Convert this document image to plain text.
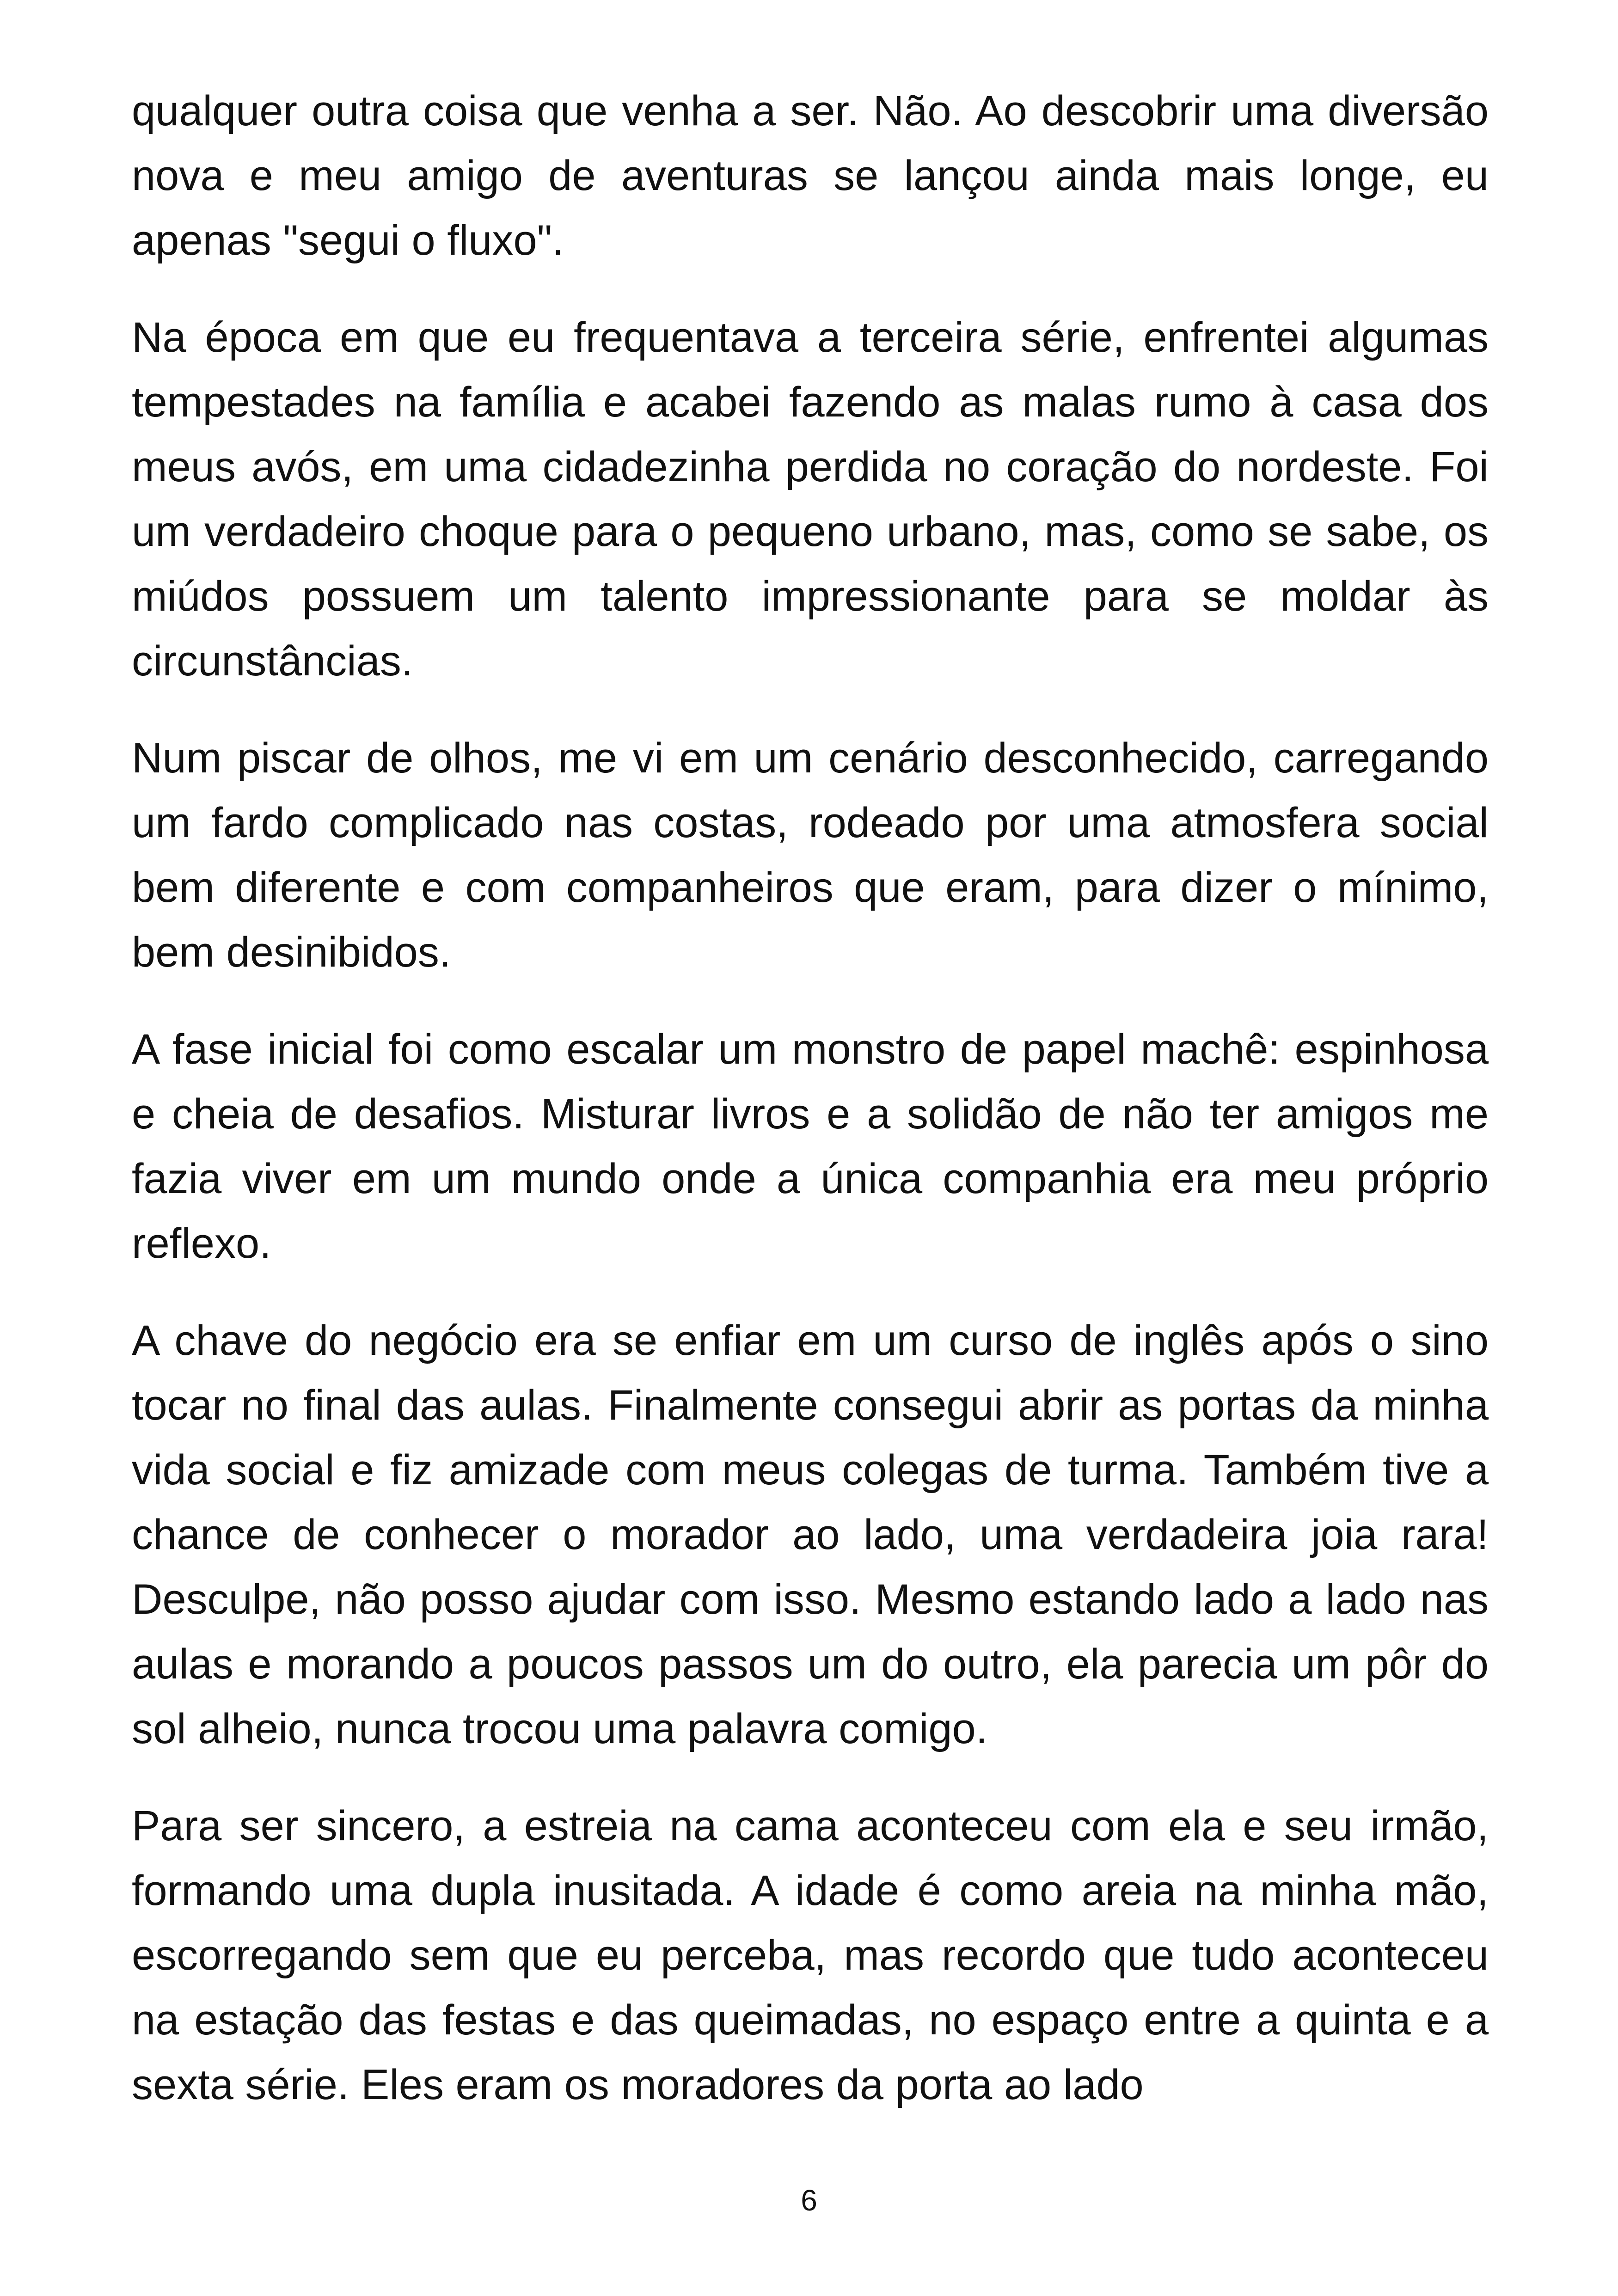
qualquer outra coisa que venha a ser. Não. Ao descobrir uma diversão nova e meu amigo de aventuras se lançou ainda mais longe, eu apenas "segui o fluxo".

Na época em que eu frequentava a terceira série, enfrentei algumas tempestades na família e acabei fazendo as malas rumo à casa dos meus avós, em uma cidadezinha perdida no coração do nordeste. Foi um verdadeiro choque para o pequeno urbano, mas, como se sabe, os miúdos possuem um talento impressionante para se moldar às circunstâncias.

Num piscar de olhos, me vi em um cenário desconhecido, carregando um fardo complicado nas costas, rodeado por uma atmosfera social bem diferente e com companheiros que eram, para dizer o mínimo, bem desinibidos.

A fase inicial foi como escalar um monstro de papel machê: espinhosa e cheia de desafios. Misturar livros e a solidão de não ter amigos me fazia viver em um mundo onde a única companhia era meu próprio reflexo.

A chave do negócio era se enfiar em um curso de inglês após o sino tocar no final das aulas. Finalmente consegui abrir as portas da minha vida social e fiz amizade com meus colegas de turma. Também tive a chance de conhecer o morador ao lado, uma verdadeira joia rara! Desculpe, não posso ajudar com isso. Mesmo estando lado a lado nas aulas e morando a poucos passos um do outro, ela parecia um pôr do sol alheio, nunca trocou uma palavra comigo.

Para ser sincero, a estreia na cama aconteceu com ela e seu irmão, formando uma dupla inusitada. A idade é como areia na minha mão, escorregando sem que eu perceba, mas recordo que tudo aconteceu na estação das festas e das queimadas, no espaço entre a quinta e a sexta série. Eles eram os moradores da porta ao lado

6
